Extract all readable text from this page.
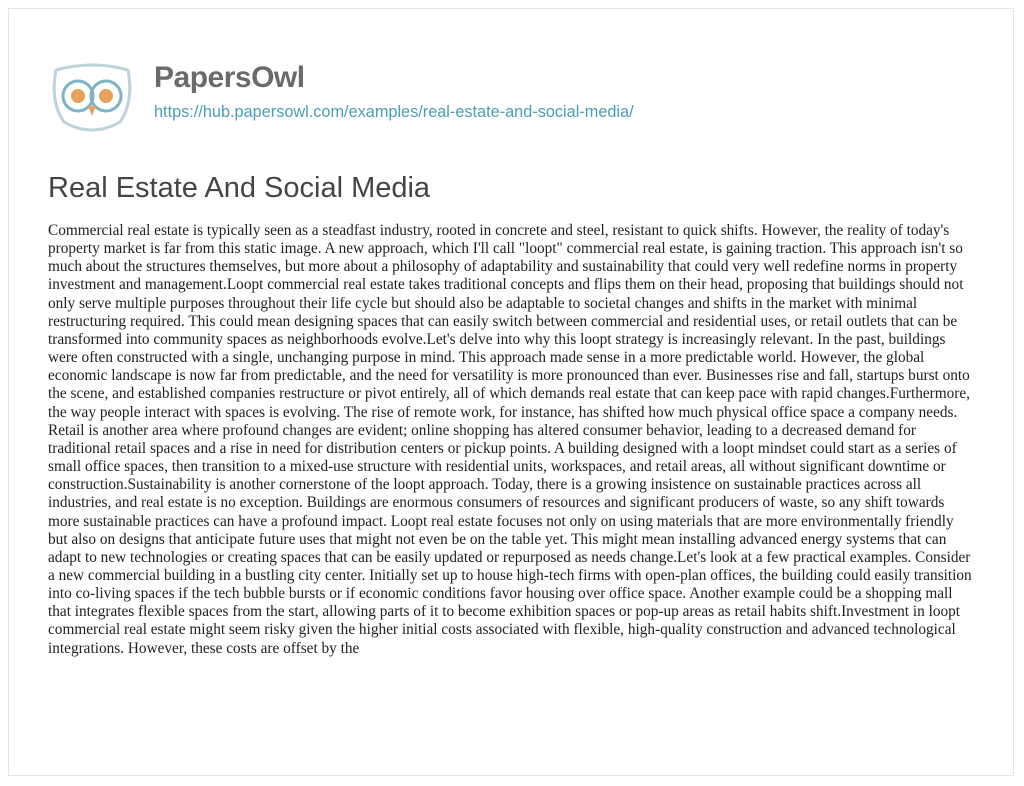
PapersOwl
https://hub.papersowl.com/examples/real-estate-and-social-media/
Real Estate And Social Media

Commercial real estate is typically seen as a steadfast industry, rooted in concrete and steel, resistant to quick shifts. However, the reality of today's property market is far from this static image. A new approach, which I'll call "loopt" commercial real estate, is gaining traction. This approach isn't so much about the structures themselves, but more about a philosophy of adaptability and sustainability that could very well redefine norms in property investment and management.Loopt commercial real estate takes traditional concepts and flips them on their head, proposing that buildings should not only serve multiple purposes throughout their life cycle but should also be adaptable to societal changes and shifts in the market with minimal restructuring required. This could mean designing spaces that can easily switch between commercial and residential uses, or retail outlets that can be transformed into community spaces as neighborhoods evolve.Let's delve into why this loopt strategy is increasingly relevant. In the past, buildings were often constructed with a single, unchanging purpose in mind. This approach made sense in a more predictable world. However, the global economic landscape is now far from predictable, and the need for versatility is more pronounced than ever. Businesses rise and fall, startups burst onto the scene, and established companies restructure or pivot entirely, all of which demands real estate that can keep pace with rapid changes.Furthermore, the way people interact with spaces is evolving. The rise of remote work, for instance, has shifted how much physical office space a company needs. Retail is another area where profound changes are evident; online shopping has altered consumer behavior, leading to a decreased demand for traditional retail spaces and a rise in need for distribution centers or pickup points. A building designed with a loopt mindset could start as a series of small office spaces, then transition to a mixed-use structure with residential units, workspaces, and retail areas, all without significant downtime or construction.Sustainability is another cornerstone of the loopt approach. Today, there is a growing insistence on sustainable practices across all industries, and real estate is no exception. Buildings are enormous consumers of resources and significant producers of waste, so any shift towards more sustainable practices can have a profound impact. Loopt real estate focuses not only on using materials that are more environmentally friendly but also on designs that anticipate future uses that might not even be on the table yet. This might mean installing advanced energy systems that can adapt to new technologies or creating spaces that can be easily updated or repurposed as needs change.Let's look at a few practical examples. Consider a new commercial building in a bustling city center. Initially set up to house high-tech firms with open-plan offices, the building could easily transition into co-living spaces if the tech bubble bursts or if economic conditions favor housing over office space. Another example could be a shopping mall that integrates flexible spaces from the start, allowing parts of it to become exhibition spaces or pop-up areas as retail habits shift.Investment in loopt commercial real estate might seem risky given the higher initial costs associated with flexible, high-quality construction and advanced technological integrations. However, these costs are offset by the
